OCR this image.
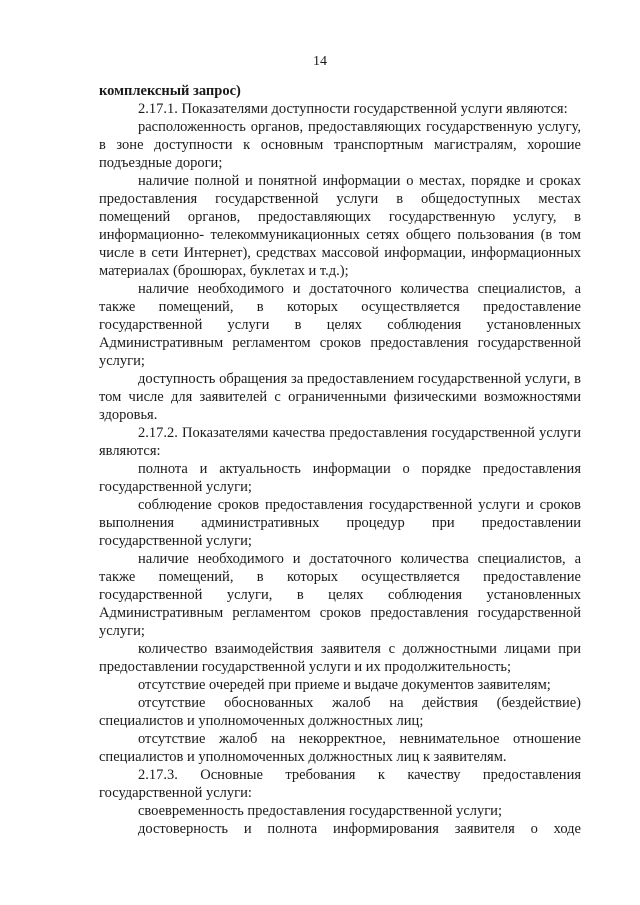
14

комплексный запрос)

2.17.1. Показателями доступности государственной услуги являются:

расположенность органов, предоставляющих государственную услугу, в зоне доступности к основным транспортным магистралям, хорошие подъездные дороги;

наличие полной и понятной информации о местах, порядке и сроках предоставления государственной услуги в общедоступных местах помещений органов, предоставляющих государственную услугу, в информационно- телекоммуникационных сетях общего пользования (в том числе в сети Интернет), средствах массовой информации, информационных материалах (брошюрах, буклетах и т.д.);

наличие необходимого и достаточного количества специалистов, а также помещений, в которых осуществляется предоставление государственной услуги в целях соблюдения установленных Административным регламентом сроков предоставления государственной услуги;

доступность обращения за предоставлением государственной услуги, в том числе для заявителей с ограниченными физическими возможностями здоровья.

2.17.2. Показателями качества предоставления государственной услуги являются:

полнота и актуальность информации о порядке предоставления государственной услуги;

соблюдение сроков предоставления государственной услуги и сроков выполнения административных процедур при предоставлении государственной услуги;

наличие необходимого и достаточного количества специалистов, а также помещений, в которых осуществляется предоставление государственной услуги, в целях соблюдения установленных Административным регламентом сроков предоставления государственной услуги;

количество взаимодействия заявителя с должностными лицами при предоставлении государственной услуги и их продолжительность;

отсутствие очередей при приеме и выдаче документов заявителям;

отсутствие обоснованных жалоб на действия (бездействие) специалистов и уполномоченных должностных лиц;

отсутствие жалоб на некорректное, невнимательное отношение специалистов и уполномоченных должностных лиц к заявителям.

2.17.3. Основные требования к качеству предоставления государственной услуги:

своевременность предоставления государственной услуги;

достоверность и полнота информирования заявителя о ходе
